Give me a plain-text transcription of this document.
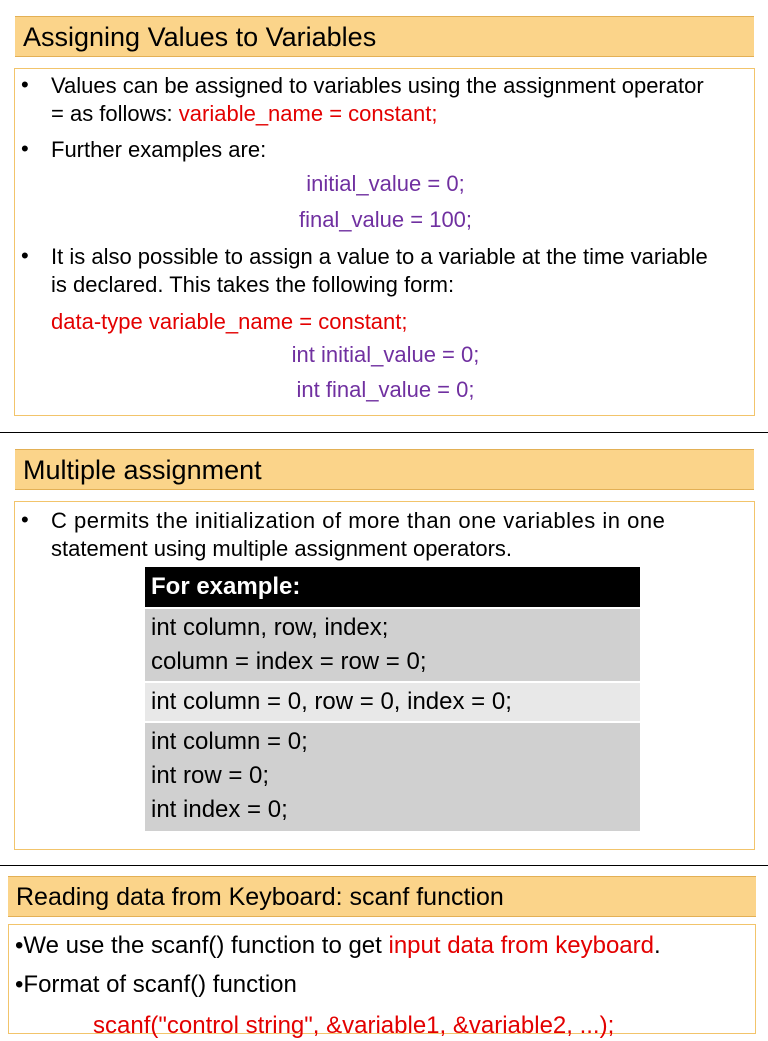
Assigning Values to Variables
• Values can be assigned to variables using the assignment operator
= as follows: variable_name = constant;
• Further examples are:
initial_value = 0;
final_value = 100;
• It is also possible to assign a value to a variable at the time variable
is declared. This takes the following form:
data-type variable_name = constant;
int initial_value = 0;
int final_value = 0;
Multiple assignment
• C permits the initialization of more than one variables in one
statement using multiple assignment operators.
For example:
int column, row, index;
column = index = row = 0;
int column = 0, row = 0, index = 0;
int column = 0;
int row = 0;
int index = 0;
Reading data from Keyboard: scanf function
•We use the scanf() function to get input data from keyboard.
•Format of scanf() function
scanf("control string", &variable1, &variable2, ...);
